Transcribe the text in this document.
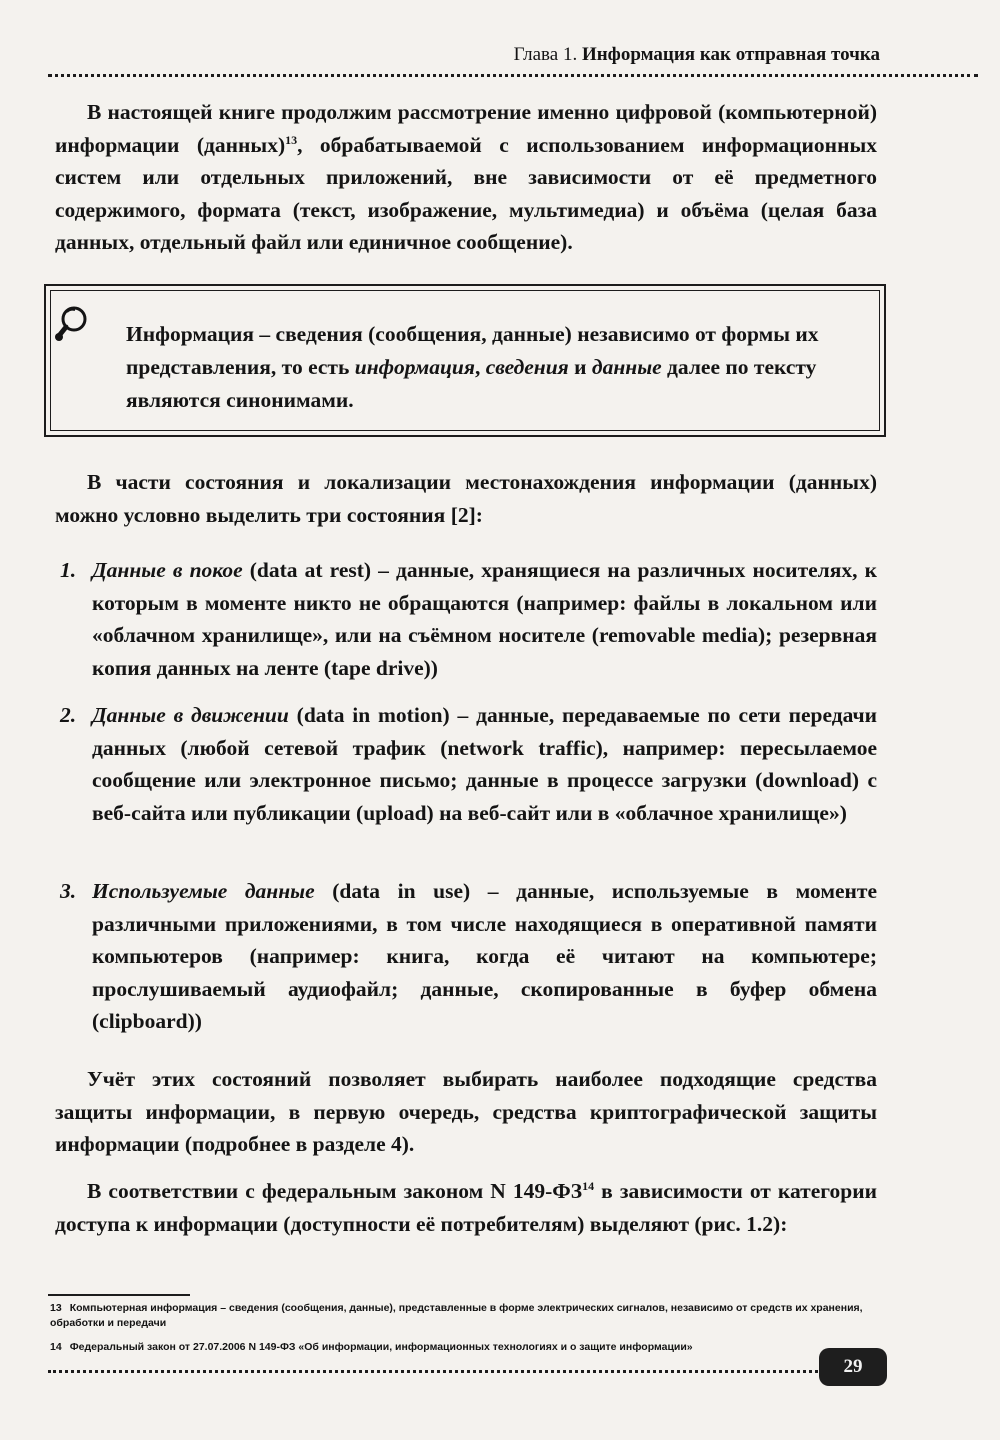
Глава 1. Информация как отправная точка

В настоящей книге продолжим рассмотрение именно цифровой (компьютерной) информации (данных)$^{13}$, обрабатываемой с использованием информационных систем или отдельных приложений, вне зависимости от её предметного содержимого, формата (текст, изображение, мультимедиа) и объёма (целая база данных, отдельный файл или единичное сообщение).

Информация – сведения (сообщения, данные) независимо от формы их представления, то есть информация, сведения и данные далее по тексту являются синонимами.

В части состояния и локализации местонахождения информации (данных) можно условно выделить три состояния [2]:

1. Данные в покое (data at rest) – данные, хранящиеся на различных носителях, к которым в моменте никто не обращаются (например: файлы в локальном или «облачном хранилище», или на съёмном носителе (removable media); резервная копия данных на ленте (tape drive))

2. Данные в движении (data in motion) – данные, передаваемые по сети передачи данных (любой сетевой трафик (network traffic), например: пересылаемое сообщение или электронное письмо; данные в процессе загрузки (download) с веб-сайта или публикации (upload) на веб-сайт или в «облачное хранилище»)

3. Используемые данные (data in use) – данные, используемые в моменте различными приложениями, в том числе находящиеся в оперативной памяти компьютеров (например: книга, когда её читают на компьютере; прослушиваемый аудиофайл; данные, скопированные в буфер обмена (clipboard))

Учёт этих состояний позволяет выбирать наиболее подходящие средства защиты информации, в первую очередь, средства криптографической защиты информации (подробнее в разделе 4).

В соответствии с федеральным законом N 149-ФЗ$^{14}$ в зависимости от категории доступа к информации (доступности её потребителям) выделяют (рис. 1.2):

13 Компьютерная информация – сведения (сообщения, данные), представленные в форме электрических сигналов, независимо от средств их хранения, обработки и передачи

14 Федеральный закон от 27.07.2006 N 149-ФЗ «Об информации, информационных технологиях и о защите информации»

29
